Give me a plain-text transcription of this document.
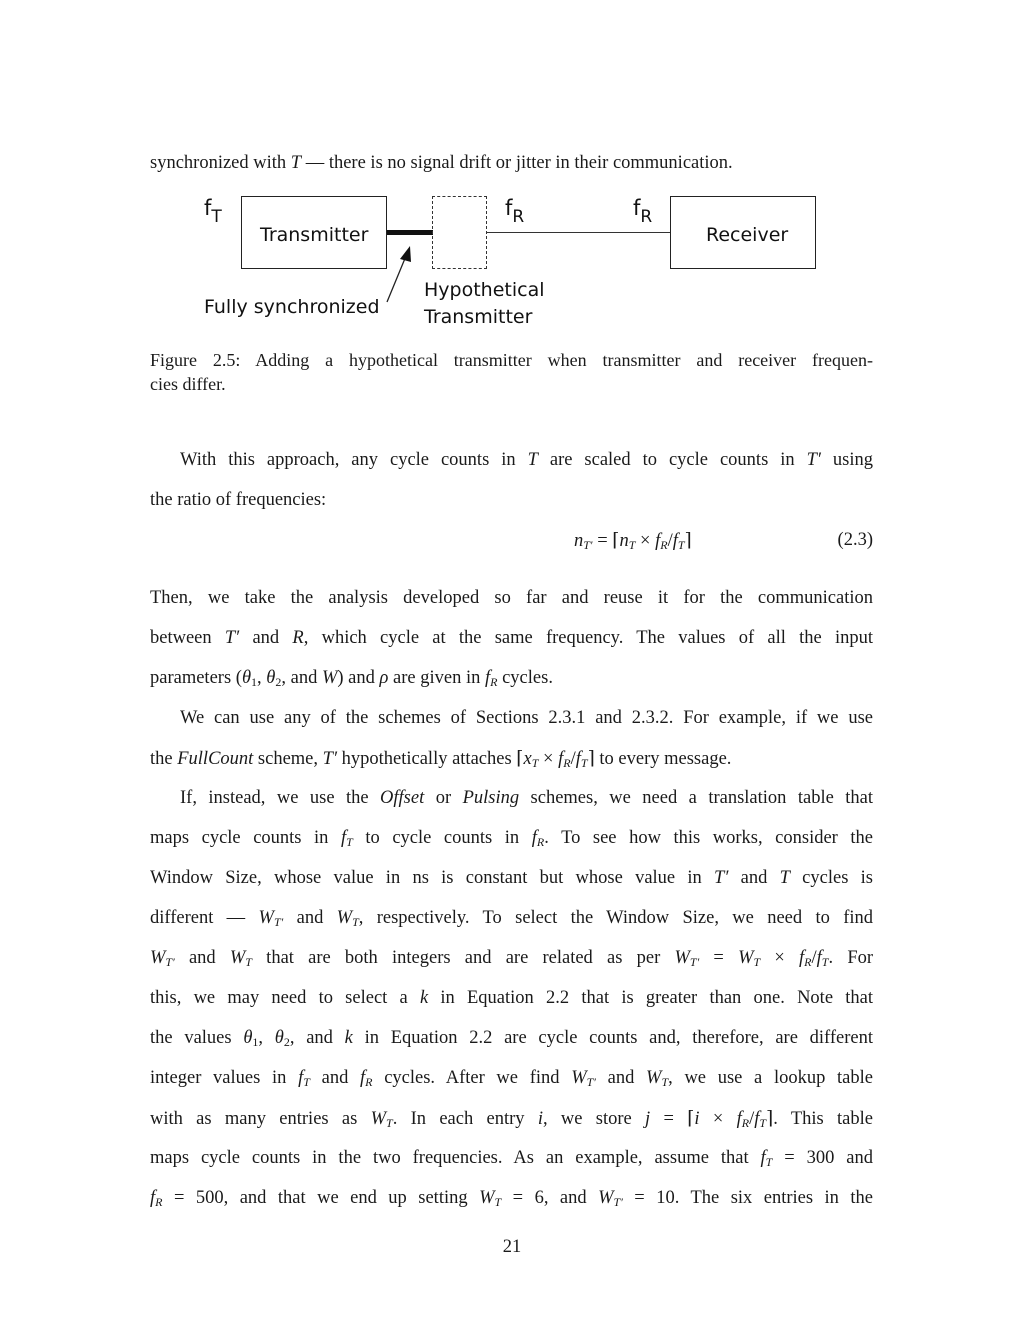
synchronized with T — there is no signal drift or jitter in their communication.
$f_T$
Transmitter
$f_R$	$f_R$
Receiver
Fully synchronized
Hypothetical
Transmitter
Figure 2.5: Adding a hypothetical transmitter when transmitter and receiver frequen-
cies differ.
With this approach, any cycle counts in T are scaled to cycle counts in T′ using
the ratio of frequencies:
$n_{T'}$ = $⌈n_T$ × $f_R/f_T⌉$	(2.3)
Then, we take the analysis developed so far and reuse it for the communication
between T′ and R, which cycle at the same frequency. The values of all the input
parameters ($\theta_1$, $\theta_2$, and W) and ρ are given in $f_R$ cycles.
We can use any of the schemes of Sections 2.3.1 and 2.3.2. For example, if we use
the FullCount scheme, T′ hypothetically attaches $⌈x_T$ × $f_R/f_T⌉$ to every message.
If, instead, we use the Offset or Pulsing schemes, we need a translation table that
maps cycle counts in $f_T$ to cycle counts in $f_R$. To see how this works, consider the
Window Size, whose value in ns is constant but whose value in T′ and T cycles is
different — $W_{T'}$ and $W_T$, respectively. To select the Window Size, we need to find
$W_{T'}$ and $W_T$ that are both integers and are related as per $W_{T'} = W_T \times f_R/f_T$. For
this, we may need to select a k in Equation 2.2 that is greater than one. Note that
the values $\theta_1$, $\theta_2$, and k in Equation 2.2 are cycle counts and, therefore, are different
integer values in $f_T$ and $f_R$ cycles. After we find $W_{T'}$ and $W_T$, we use a lookup table
with as many entries as $W_T$. In each entry i, we store j = ⌈i × $f_R/f_T⌉$. This table
maps cycle counts in the two frequencies. As an example, assume that $f_T = 300$ and
$f_R = 500$, and that we end up setting $W_T = 6$, and $W_{T'} = 10$. The six entries in the
21
